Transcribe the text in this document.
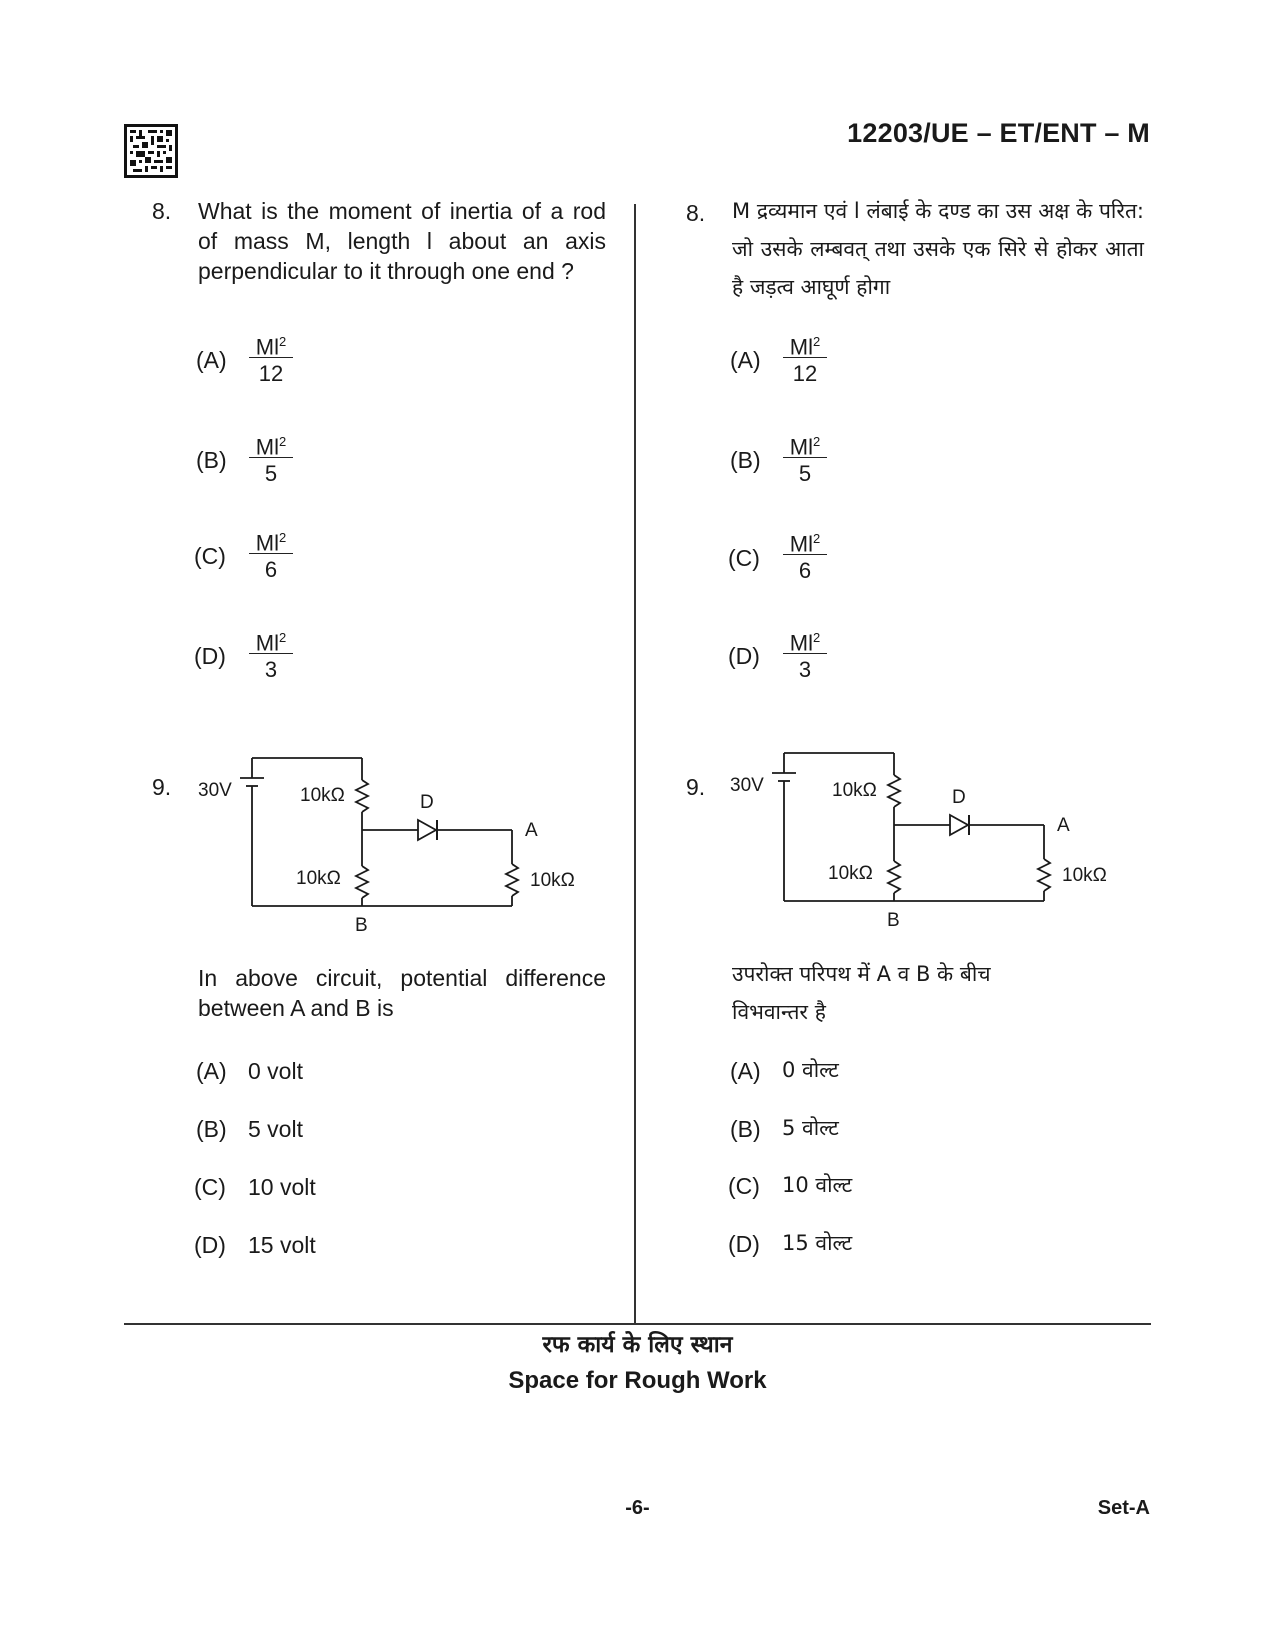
12203/UE – ET/ENT – M
8. What is the moment of inertia of a rod of mass M, length l about an axis perpendicular to it through one end ?
$(A) \frac{Ml^2}{12}$
$(B) \frac{Ml^2}{5}$
$(C) \frac{Ml^2}{6}$
$(D) \frac{Ml^2}{3}$
9. 30V	10kΩ
10kΩ	10kΩ
D
A
B
In above circuit, potential difference between A and B is
(A) 0 volt
(B) 5 volt
(C) 10 volt
(D) 15 volt
8. M द्रव्यमान एवं l लंबाई के दण्ड का उस अक्ष के परित: जो उसके लम्बवत् तथा उसके एक सिरे से होकर आता है जड़त्व आघूर्ण होगा
$(A) \frac{Ml^2}{12}$
$(B) \frac{Ml^2}{5}$
$(C) \frac{Ml^2}{6}$
$(D) \frac{Ml^2}{3}$
9. 30V	10kΩ
10kΩ	10kΩ
D
A
B
उपरोक्त परिपथ में A व B के बीच विभवान्तर है
(A) 0 वोल्ट
(B) 5 वोल्ट
(C) 10 वोल्ट
(D) 15 वोल्ट
रफ कार्य के लिए स्थान
Space for Rough Work
-6-	Set-A
